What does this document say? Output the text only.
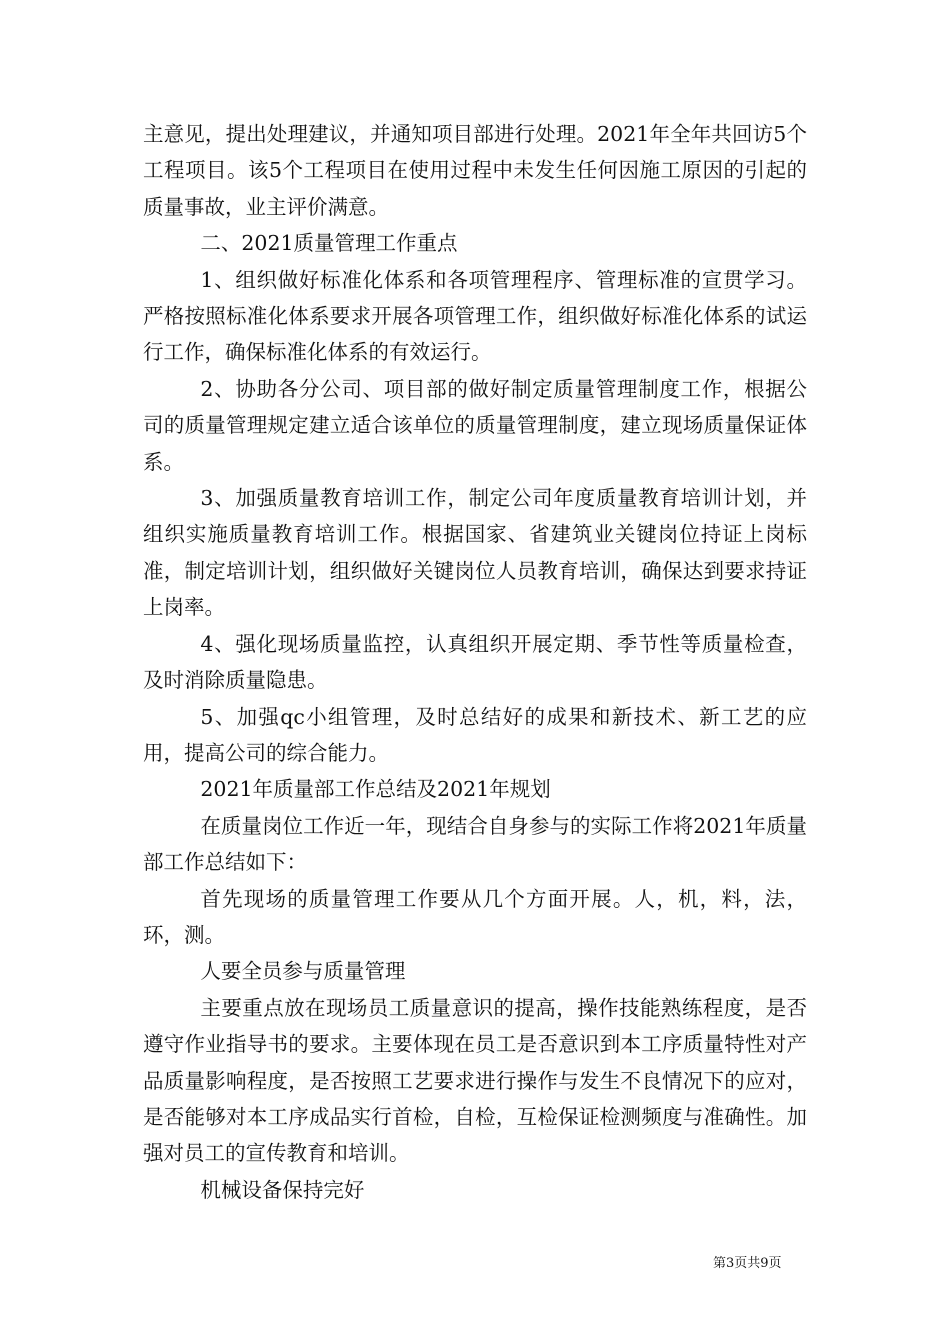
主意见，提出处理建议，并通知项目部进行处理。2021年全年共回访5个工程项目。该5个工程项目在使用过程中未发生任何因施工原因的引起的质量事故，业主评价满意。

二、2021质量管理工作重点

1、组织做好标准化体系和各项管理程序、管理标准的宣贯学习。严格按照标准化体系要求开展各项管理工作，组织做好标准化体系的试运行工作，确保标准化体系的有效运行。

2、协助各分公司、项目部的做好制定质量管理制度工作，根据公司的质量管理规定建立适合该单位的质量管理制度，建立现场质量保证体系。

3、加强质量教育培训工作，制定公司年度质量教育培训计划，并组织实施质量教育培训工作。根据国家、省建筑业关键岗位持证上岗标准，制定培训计划，组织做好关键岗位人员教育培训，确保达到要求持证上岗率。

4、强化现场质量监控，认真组织开展定期、季节性等质量检查，及时消除质量隐患。

5、加强qc小组管理，及时总结好的成果和新技术、新工艺的应用，提高公司的综合能力。

2021年质量部工作总结及2021年规划

在质量岗位工作近一年，现结合自身参与的实际工作将2021年质量部工作总结如下：

首先现场的质量管理工作要从几个方面开展。人，机，料，法，环，测。

人要全员参与质量管理

主要重点放在现场员工质量意识的提高，操作技能熟练程度，是否遵守作业指导书的要求。主要体现在员工是否意识到本工序质量特性对产品质量影响程度，是否按照工艺要求进行操作与发生不良情况下的应对，是否能够对本工序成品实行首检，自检，互检保证检测频度与准确性。加强对员工的宣传教育和培训。

机械设备保持完好

第3页共9页
